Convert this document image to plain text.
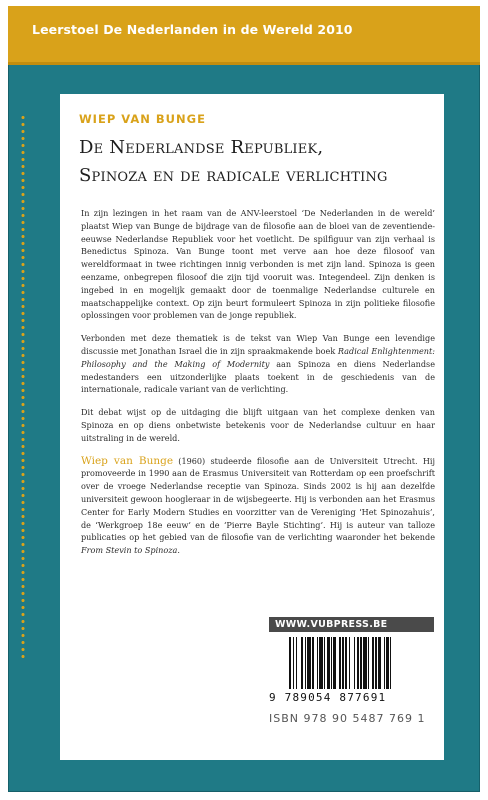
Leerstoel De Nederlanden in de Wereld 2010
WIEP VAN BUNGE
De Nederlandse Republiek,
Spinoza en de radicale verlichting

In zijn lezingen in het raam van de ANV-leerstoel ‘De Nederlanden in de wereld’ plaatst Wiep van Bunge de bijdrage van de filosofie aan de bloei van de zeventiende-eeuwse Nederlandse Republiek voor het voetlicht. De spilfiguur van zijn verhaal is Benedictus Spinoza. Van Bunge toont met verve aan hoe deze filosoof van wereldformaat in twee richtingen innig verbonden is met zijn land. Spinoza is geen eenzame, onbegrepen filosoof die zijn tijd vooruit was. Integendeel. Zijn denken is ingebed in en mogelijk gemaakt door de toenmalige Nederlandse culturele en maatschappelijke context. Op zijn beurt formuleert Spinoza in zijn politieke filosofie oplossingen voor problemen van de jonge republiek.

Verbonden met deze thematiek is de tekst van Wiep Van Bunge een levendige discussie met Jonathan Israel die in zijn spraakmakende boek Radical Enlightenment: Philosophy and the Making of Modernity aan Spinoza en diens Nederlandse medestanders een uitzonderlijke plaats toekent in de geschiedenis van de internationale, radicale variant van de verlichting.

Dit debat wijst op de uitdaging die blijft uitgaan van het complexe denken van Spinoza en op diens onbetwiste betekenis voor de Nederlandse cultuur en haar uitstraling in de wereld.

Wiep van Bunge (1960) studeerde filosofie aan de Universiteit Utrecht. Hij promoveerde in 1990 aan de Erasmus Universiteit van Rotterdam op een proefschrift over de vroege Nederlandse receptie van Spinoza. Sinds 2002 is hij aan dezelfde universiteit gewoon hoogleraar in de wijsbegeerte. Hij is verbonden aan het Erasmus Center for Early Modern Studies en voorzitter van de Vereniging ‘Het Spinozahuis’, de ‘Werkgroep 18e eeuw’ en de ‘Pierre Bayle Stichting’. Hij is auteur van talloze publicaties op het gebied van de filosofie van de verlichting waaronder het bekende From Stevin to Spinoza.

WWW.VUBPRESS.BE
9 789054 877691
ISBN 978 90 5487 769 1
